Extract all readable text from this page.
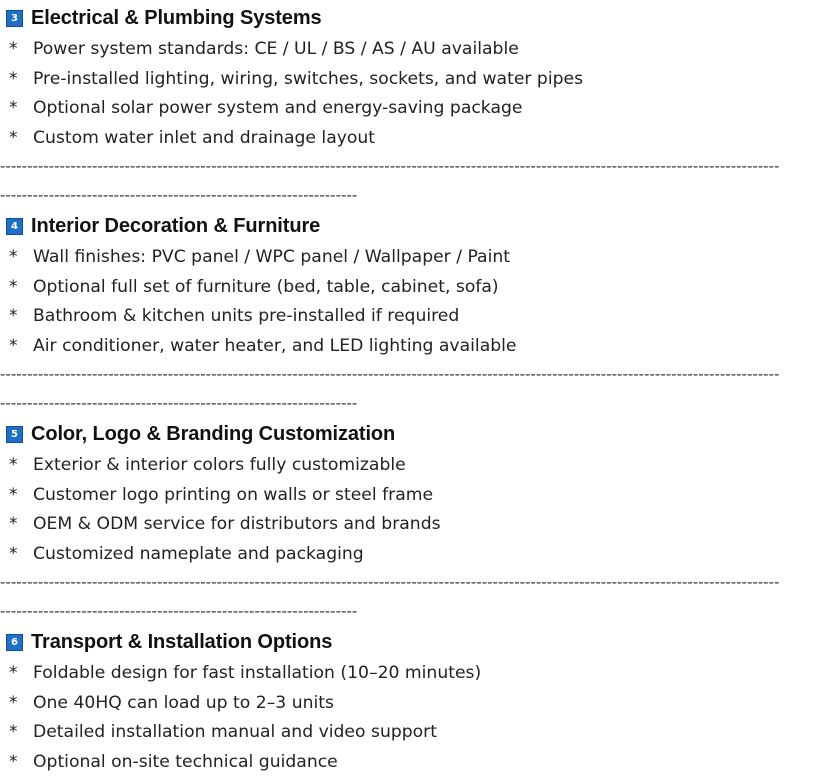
3 Electrical & Plumbing Systems
* Power system standards: CE / UL / BS / AS / AU available
* Pre-installed lighting, wiring, switches, sockets, and water pipes
* Optional solar power system and energy-saving package
* Custom water inlet and drainage layout
------------------------------------------------------------------------------------------------------------------------------------------------
------------------------------------------------------------------
4 Interior Decoration & Furniture
* Wall finishes: PVC panel / WPC panel / Wallpaper / Paint
* Optional full set of furniture (bed, table, cabinet, sofa)
* Bathroom & kitchen units pre-installed if required
* Air conditioner, water heater, and LED lighting available
------------------------------------------------------------------------------------------------------------------------------------------------
------------------------------------------------------------------
5 Color, Logo & Branding Customization
* Exterior & interior colors fully customizable
* Customer logo printing on walls or steel frame
* OEM & ODM service for distributors and brands
* Customized nameplate and packaging
------------------------------------------------------------------------------------------------------------------------------------------------
------------------------------------------------------------------
6 Transport & Installation Options
* Foldable design for fast installation (10–20 minutes)
* One 40HQ can load up to 2–3 units
* Detailed installation manual and video support
* Optional on-site technical guidance
